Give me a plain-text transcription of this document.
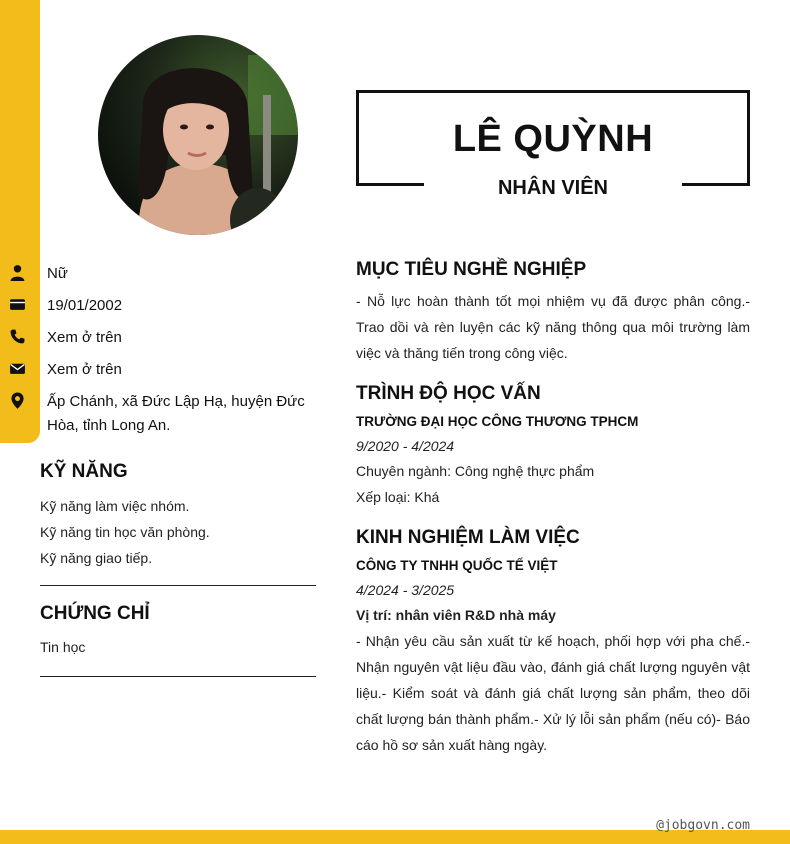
LÊ QUỲNH
NHÂN VIÊN
Nữ
19/01/2002
Xem ở trên
Xem ở trên
Ấp Chánh, xã Đức Lập Hạ, huyện Đức Hòa, tỉnh Long An.
KỸ NĂNG
Kỹ năng làm việc nhóm.
Kỹ năng tin học văn phòng.
Kỹ năng giao tiếp.
CHỨNG CHỈ
Tin học
MỤC TIÊU NGHỀ NGHIỆP

- Nỗ lực hoàn thành tốt mọi nhiệm vụ đã được phân công.- Trao dồi và rèn luyện các kỹ năng thông qua môi trường làm việc và thăng tiến trong công việc.

TRÌNH ĐỘ HỌC VẤN
TRƯỜNG ĐẠI HỌC CÔNG THƯƠNG TPHCM
9/2020 - 4/2024
Chuyên ngành: Công nghệ thực phẩm
Xếp loại: Khá
KINH NGHIỆM LÀM VIỆC
CÔNG TY TNHH QUỐC TẾ VIỆT
4/2024 - 3/2025
Vị trí: nhân viên R&D nhà máy

- Nhận yêu cầu sản xuất từ kế hoạch, phối hợp với pha chế.- Nhận nguyên vật liệu đầu vào, đánh giá chất lượng nguyên vật liệu.- Kiểm soát và đánh giá chất lượng sản phẩm, theo dõi chất lượng bán thành phẩm.- Xử lý lỗi sản phẩm (nếu có)- Báo cáo hồ sơ sản xuất hàng ngày.

@jobgovn.com
